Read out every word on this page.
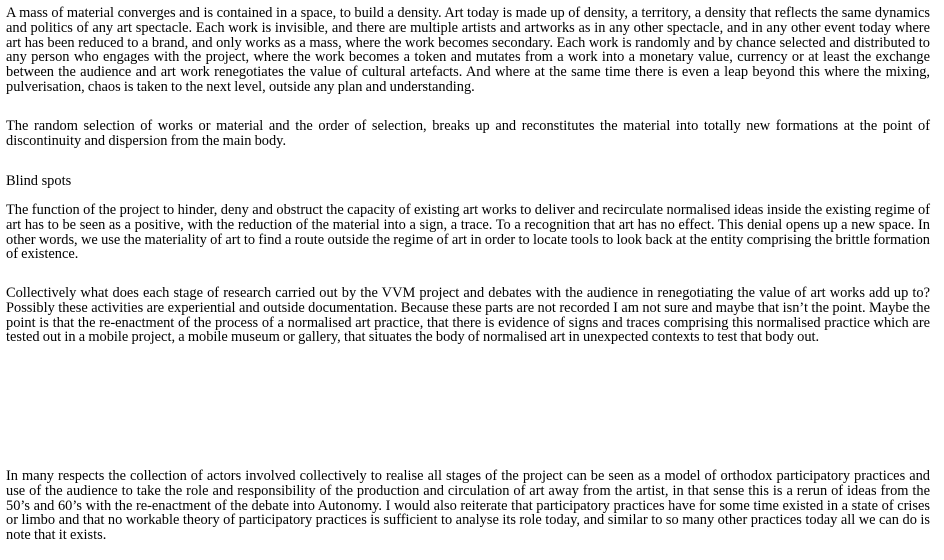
A mass of material converges and is contained in a space, to build a density. Art today is made up of density, a territory, a density that reflects the same dynamics and politics of any art spectacle. Each work is invisible, and there are multiple artists and artworks as in any other spectacle, and in any other event today where art has been reduced to a brand, and only works as a mass, where the work becomes secondary. Each work is randomly and by chance selected and distributed to any person who engages with the project, where the work becomes a token and mutates from a work into a monetary value, currency or at least the exchange between the audience and art work renegotiates the value of cultural artefacts. And where at the same time there is even a leap beyond this where the mixing, pulverisation, chaos is taken to the next level, outside any plan and understanding.

The random selection of works or material and the order of selection, breaks up and reconstitutes the material into totally new formations at the point of discontinuity and dispersion from the main body.

Blind spots

The function of the project to hinder, deny and obstruct the capacity of existing art works to deliver and recirculate normalised ideas inside the existing regime of art has to be seen as a positive, with the reduction of the material into a sign, a trace. To a recognition that art has no effect. This denial opens up a new space. In other words, we use the materiality of art to find a route outside the regime of art in order to locate tools to look back at the entity comprising the brittle formation of existence.

Collectively what does each stage of research carried out by the VVM project and debates with the audience in renegotiating the value of art works add up to? Possibly these activities are experiential and outside documentation. Because these parts are not recorded I am not sure and maybe that isn’t the point. Maybe the point is that the re-enactment of the process of a normalised art practice, that there is evidence of signs and traces comprising this normalised practice which are tested out in a mobile project, a mobile museum or gallery, that situates the body of normalised art in unexpected contexts to test that body out.

In many respects the collection of actors involved collectively to realise all stages of the project can be seen as a model of orthodox participatory practices and use of the audience to take the role and responsibility of the production and circulation of art away from the artist, in that sense this is a rerun of ideas from the 50’s and 60’s with the re-enactment of the debate into Autonomy. I would also reiterate that participatory practices have for some time existed in a state of crises or limbo and that no workable theory of participatory practices is sufficient to analyse its role today, and similar to so many other practices today all we can do is note that it exists.
